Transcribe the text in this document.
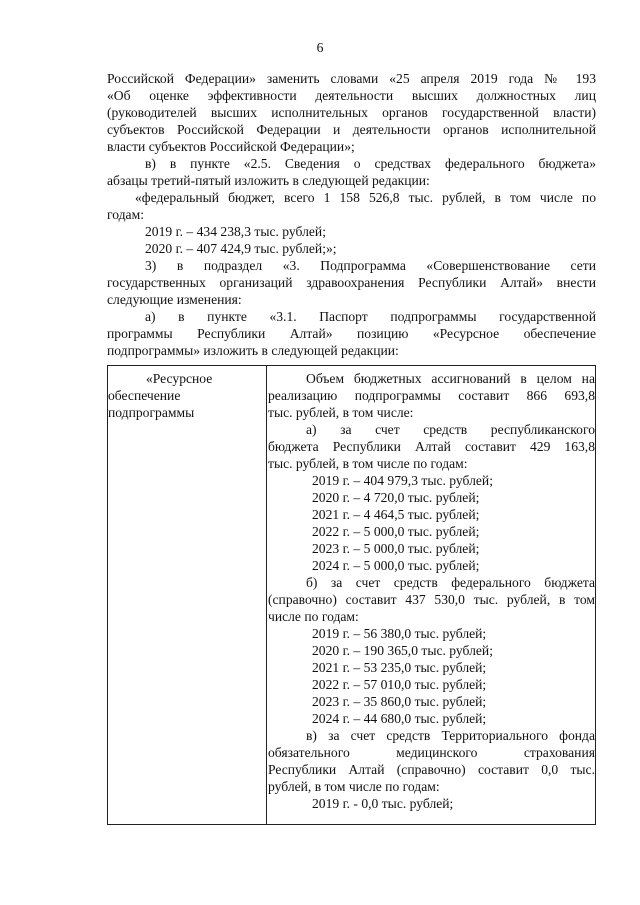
6
Российской Федерации» заменить словами «25 апреля 2019 года № 193
«Об оценке эффективности деятельности высших должностных лиц
(руководителей высших исполнительных органов государственной власти)
субъектов Российской Федерации и деятельности органов исполнительной
власти субъектов Российской Федерации»;
в) в пункте «2.5. Сведения о средствах федерального бюджета»
абзацы третий-пятый изложить в следующей редакции:
«федеральный бюджет, всего 1 158 526,8 тыс. рублей, в том числе по
годам:
2019 г. – 434 238,3 тыс. рублей;
2020 г. – 407 424,9 тыс. рублей;»;
3) в подраздел «3. Подпрограмма «Совершенствование сети
государственных организаций здравоохранения Республики Алтай» внести
следующие изменения:
а) в пункте «3.1. Паспорт подпрограммы государственной
программы Республики Алтай» позицию «Ресурсное обеспечение
подпрограммы» изложить в следующей редакции:
«Ресурсное
обеспечение
подпрограммы
Объем бюджетных ассигнований в целом на
реализацию подпрограммы составит 866 693,8
тыс. рублей, в том числе:
а) за счет средств республиканского
бюджета Республики Алтай составит 429 163,8
тыс. рублей, в том числе по годам:
2019 г. – 404 979,3 тыс. рублей;
2020 г. – 4 720,0 тыс. рублей;
2021 г. – 4 464,5 тыс. рублей;
2022 г. – 5 000,0 тыс. рублей;
2023 г. – 5 000,0 тыс. рублей;
2024 г. – 5 000,0 тыс. рублей;
б) за счет средств федерального бюджета
(справочно) составит 437 530,0 тыс. рублей, в том
числе по годам:
2019 г. – 56 380,0 тыс. рублей;
2020 г. – 190 365,0 тыс. рублей;
2021 г. – 53 235,0 тыс. рублей;
2022 г. – 57 010,0 тыс. рублей;
2023 г. – 35 860,0 тыс. рублей;
2024 г. – 44 680,0 тыс. рублей;
в) за счет средств Территориального фонда
обязательного медицинского страхования
Республики Алтай (справочно) составит 0,0 тыс.
рублей, в том числе по годам:
2019 г. - 0,0 тыс. рублей;
